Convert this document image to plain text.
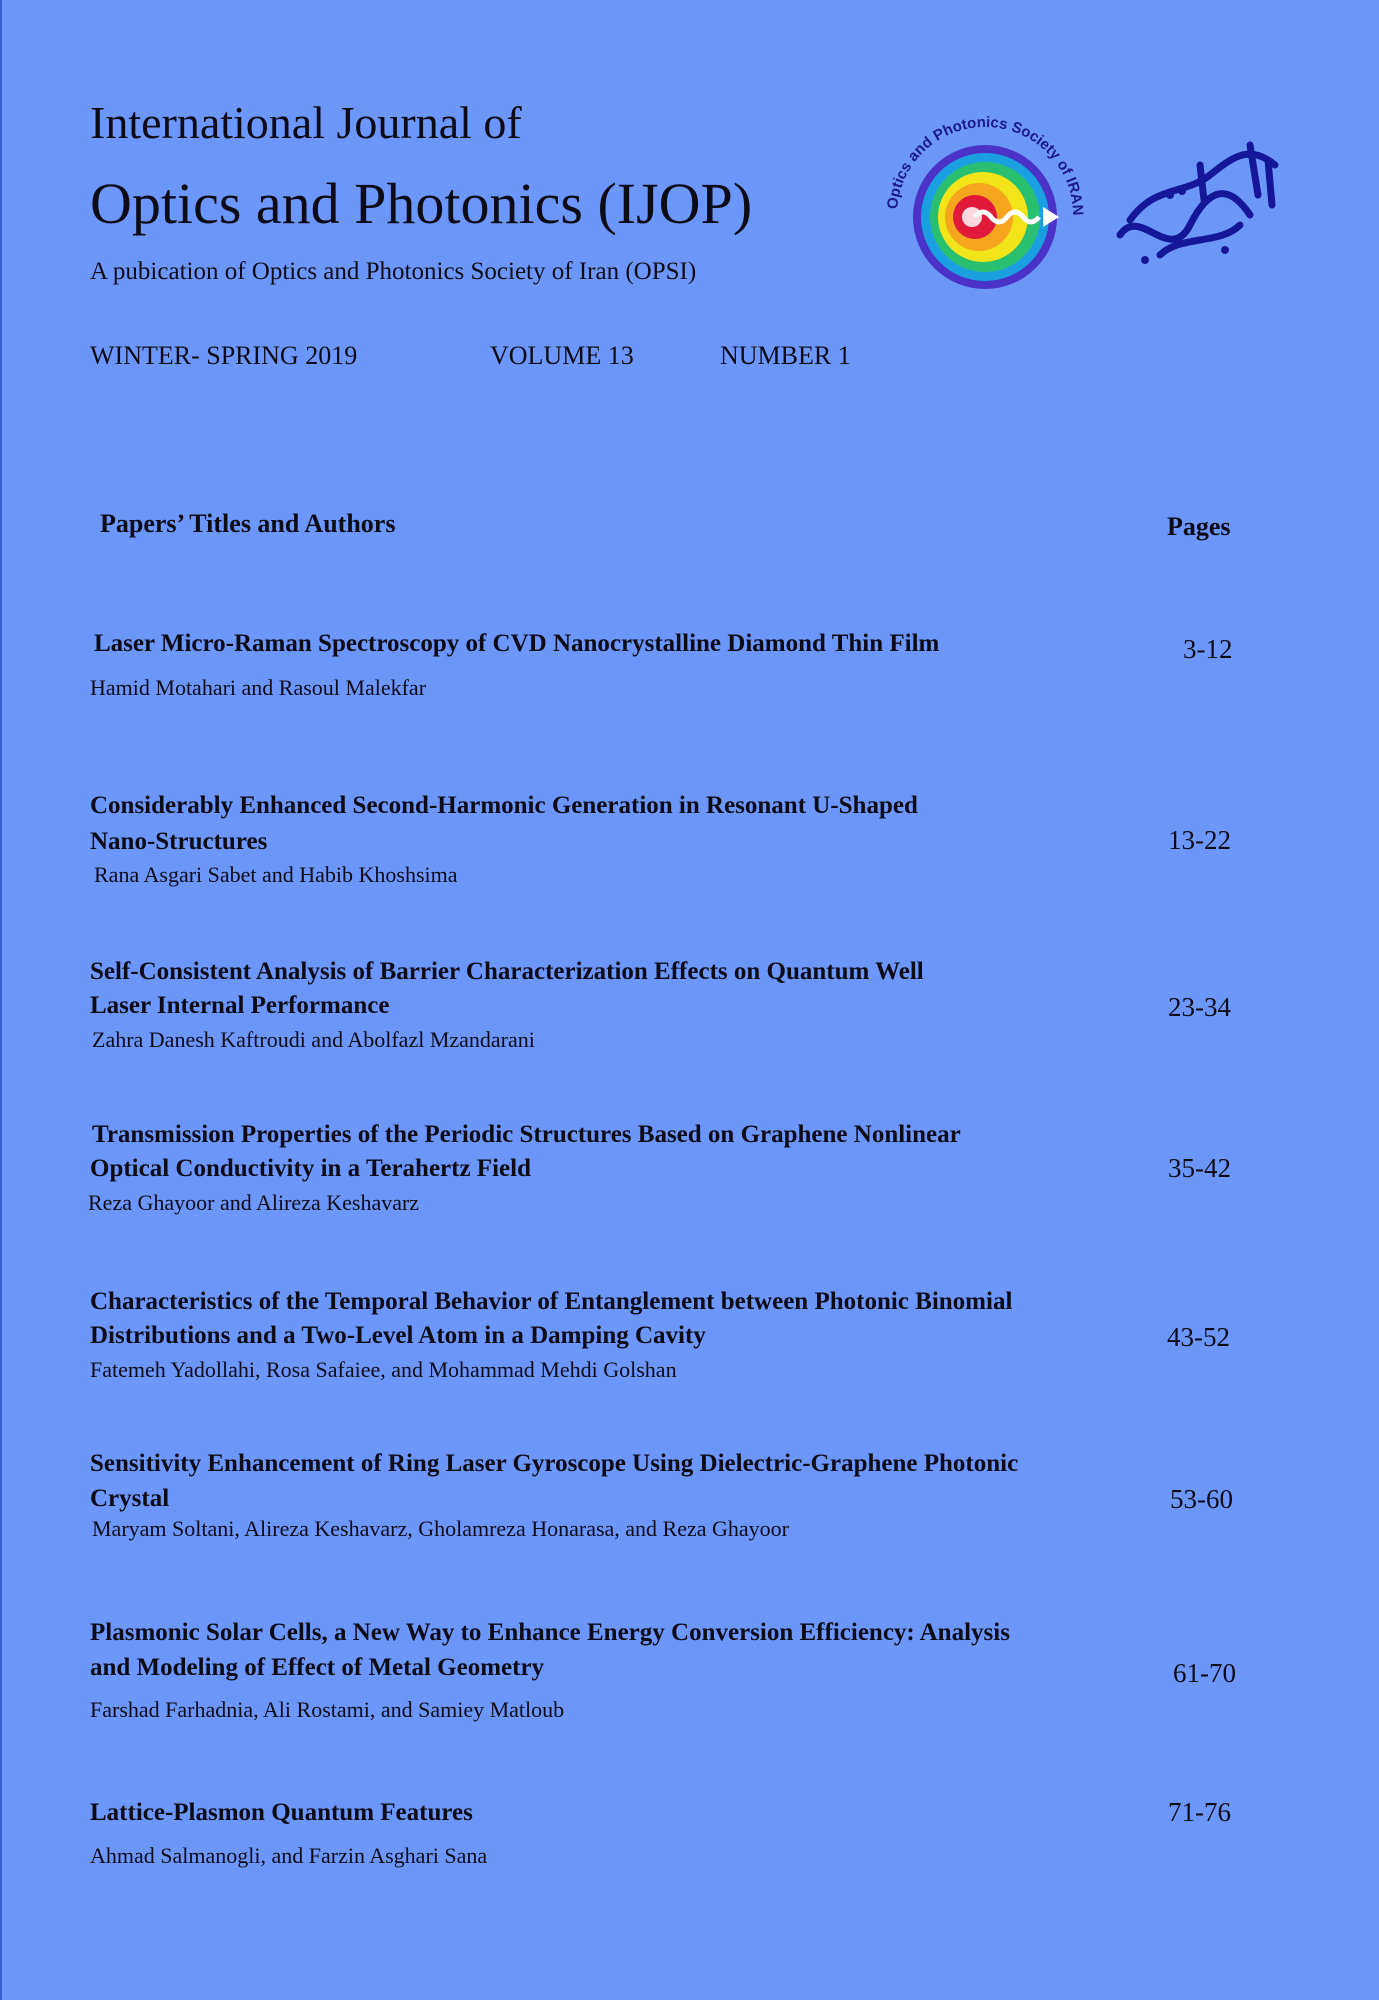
International Journal of
Optics and Photonics (IJOP)
A pubication of Optics and Photonics Society of Iran (OPSI)
WINTER- SPRING 2019	VOLUME 13	NUMBER 1
Optics and Photonics Society of IRAN
Papers’ Titles and Authors	Pages
Laser Micro-Raman Spectroscopy of CVD Nanocrystalline Diamond Thin Film
Hamid Motahari and Rasoul Malekfar
3-12
Considerably Enhanced Second-Harmonic Generation in Resonant U-Shaped
Nano-Structures
Rana Asgari Sabet and Habib Khoshsima
13-22
Self-Consistent Analysis of Barrier Characterization Effects on Quantum Well
Laser Internal Performance
Zahra Danesh Kaftroudi and Abolfazl Mzandarani
23-34
Transmission Properties of the Periodic Structures Based on Graphene Nonlinear
Optical Conductivity in a Terahertz Field
Reza Ghayoor and Alireza Keshavarz
35-42
Characteristics of the Temporal Behavior of Entanglement between Photonic Binomial
Distributions and a Two-Level Atom in a Damping Cavity
Fatemeh Yadollahi, Rosa Safaiee, and Mohammad Mehdi Golshan
43-52
Sensitivity Enhancement of Ring Laser Gyroscope Using Dielectric-Graphene Photonic
Crystal
Maryam Soltani, Alireza Keshavarz, Gholamreza Honarasa, and Reza Ghayoor
53-60
Plasmonic Solar Cells, a New Way to Enhance Energy Conversion Efficiency: Analysis
and Modeling of Effect of Metal Geometry
Farshad Farhadnia, Ali Rostami, and Samiey Matloub
61-70
Lattice-Plasmon Quantum Features
Ahmad Salmanogli, and Farzin Asghari Sana
71-76
